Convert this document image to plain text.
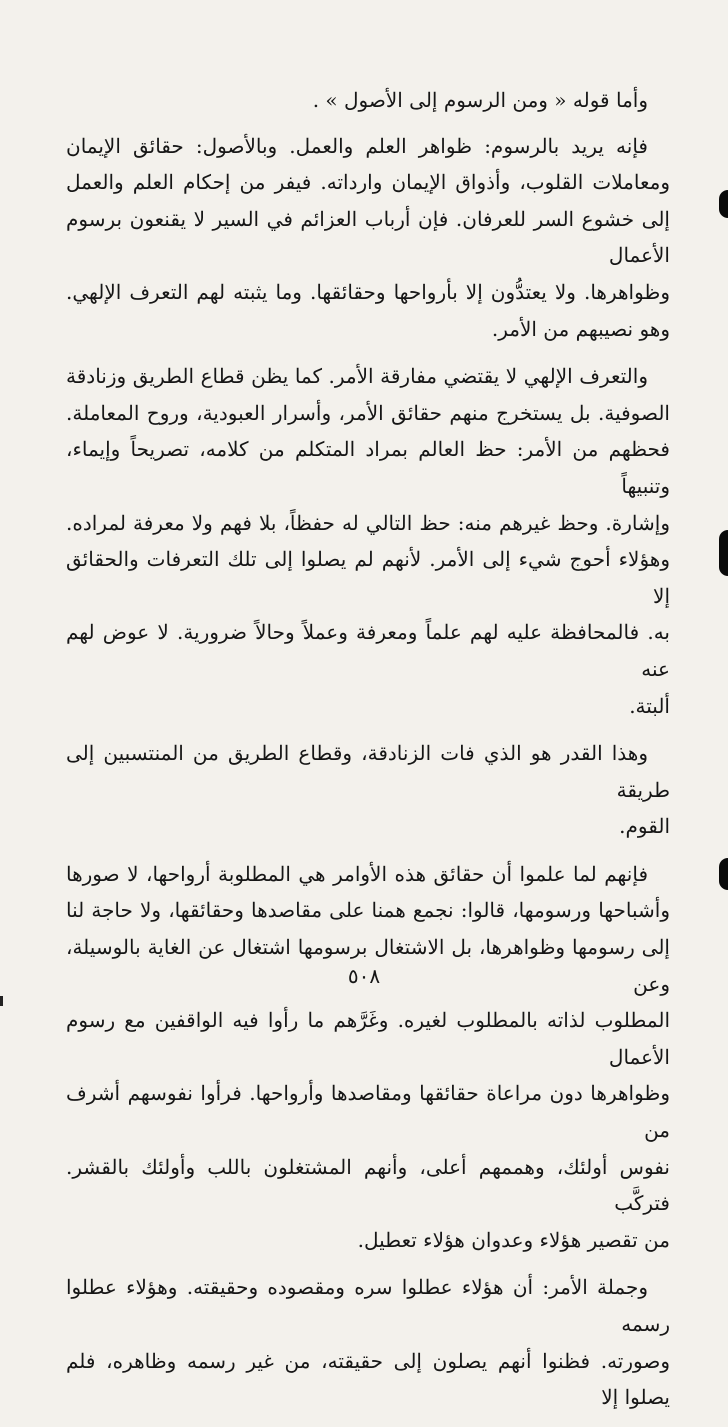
وأما قوله « ومن الرسوم إلى الأصول » .
فإنه يريد بالرسوم: ظواهر العلم والعمل. وبالأصول: حقائق الإيمان
ومعاملات القلوب، وأذواق الإيمان وارداته. فيفر من إحكام العلم والعمل
إلى خشوع السر للعرفان. فإن أرباب العزائم في السير لا يقنعون برسوم الأعمال
وظواهرها. ولا يعتدُّون إلا بأرواحها وحقائقها. وما يثبته لهم التعرف الإلهي.
وهو نصيبهم من الأمر.
والتعرف الإلهي لا يقتضي مفارقة الأمر. كما يظن قطاع الطريق وزنادقة
الصوفية. بل يستخرج منهم حقائق الأمر، وأسرار العبودية، وروح المعاملة.
فحظهم من الأمر: حظ العالم بمراد المتكلم من كلامه، تصريحاً وإيماء، وتنبيهاً
وإشارة. وحظ غيرهم منه: حظ التالي له حفظاً، بلا فهم ولا معرفة لمراده.
وهؤلاء أحوج شيء إلى الأمر. لأنهم لم يصلوا إلى تلك التعرفات والحقائق إلا
به. فالمحافظة عليه لهم علماً ومعرفة وعملاً وحالاً ضرورية. لا عوض لهم عنه
ألبتة.
وهذا القدر هو الذي فات الزنادقة، وقطاع الطريق من المنتسبين إلى طريقة
القوم.
فإنهم لما علموا أن حقائق هذه الأوامر هي المطلوبة أرواحها، لا صورها
وأشباحها ورسومها، قالوا: نجمع همنا على مقاصدها وحقائقها، ولا حاجة لنا
إلى رسومها وظواهرها، بل الاشتغال برسومها اشتغال عن الغاية بالوسيلة، وعن
المطلوب لذاته بالمطلوب لغيره. وغَرَّهم ما رأوا فيه الواقفين مع رسوم الأعمال
وظواهرها دون مراعاة حقائقها ومقاصدها وأرواحها. فرأوا نفوسهم أشرف من
نفوس أولئك، وهممهم أعلى، وأنهم المشتغلون باللب وأولئك بالقشر. فتركَّب
من تقصير هؤلاء وعدوان هؤلاء تعطيل.
وجملة الأمر: أن هؤلاء عطلوا سره ومقصوده وحقيقته. وهؤلاء عطلوا رسمه
وصورته. فظنوا أنهم يصلون إلى حقيقته، من غير رسمه وظاهره، فلم يصلوا إلا
٥٠٨
